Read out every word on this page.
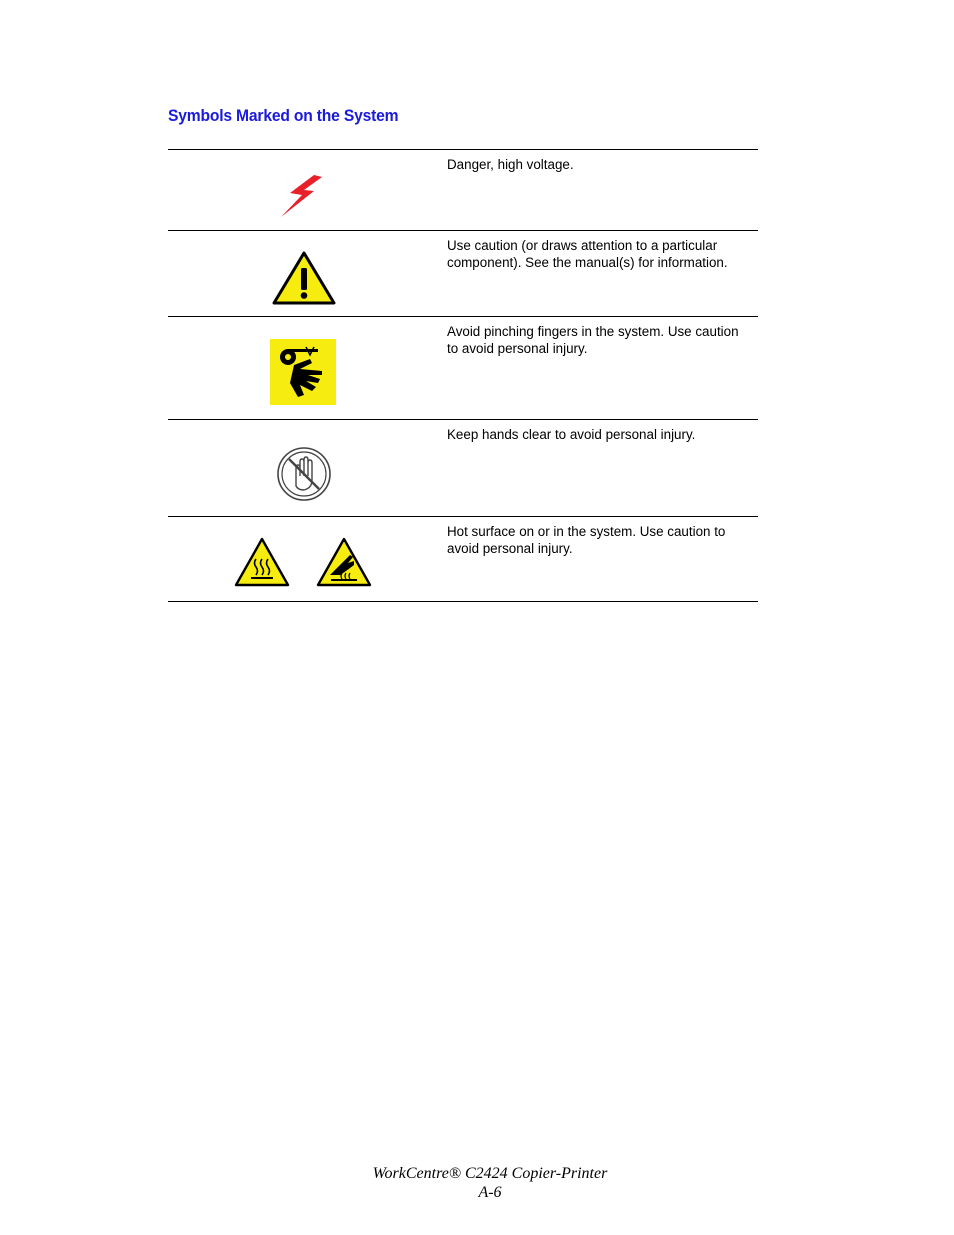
Symbols Marked on the System
Danger, high voltage.
Use caution (or draws attention to a particular component). See the manual(s) for information.
Avoid pinching fingers in the system. Use caution to avoid personal injury.
Keep hands clear to avoid personal injury.
Hot surface on or in the system. Use caution to avoid personal injury.
WorkCentre® C2424 Copier-Printer
A-6
